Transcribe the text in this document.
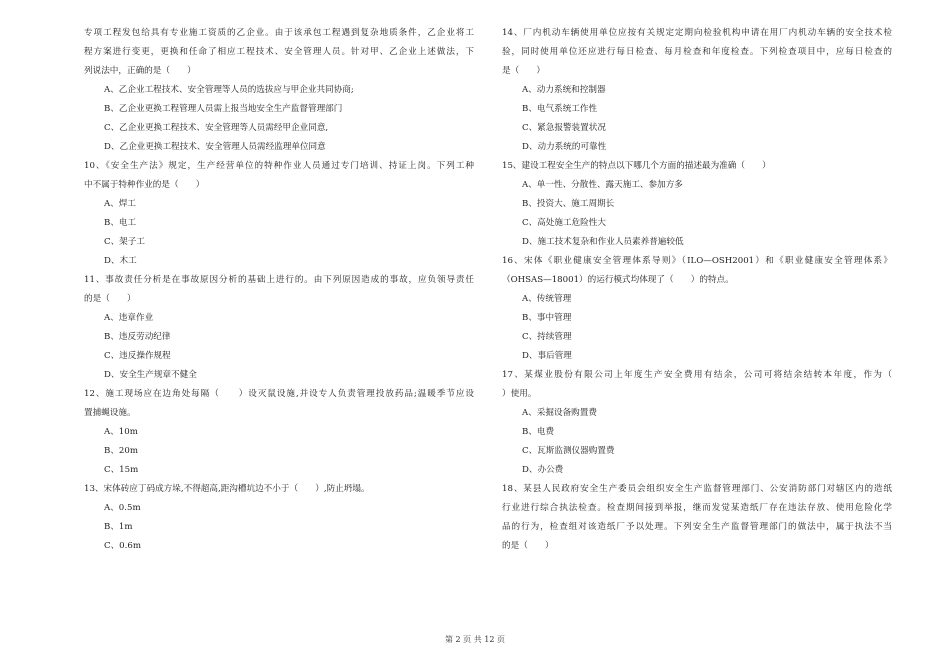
专项工程发包给具有专业施工资质的乙企业。由于该承包工程遇到复杂地质条件，乙企业将工
程方案进行变更，更换和任命了相应工程技术、安全管理人员。针对甲、乙企业上述做法，下
列说法中，正确的是（　　）
A、乙企业工程技术、安全管理等人员的选拔应与甲企业共同协商;
B、乙企业更换工程管理人员需上报当地安全生产监督管理部门
C、乙企业更换工程技术、安全管理等人员需经甲企业同意,
D、乙企业更换工程技术、安全管理人员需经监理单位同意
10、《安全生产法》规定，生产经营单位的特种作业人员通过专门培训、持证上岗。下列工种
中不属于特种作业的是（　　）
A、焊工
B、电工
C、架子工
D、木工
11、事故责任分析是在事故原因分析的基础上进行的。由下列原因造成的事故，应负领导责任
的是（　　）
A、违章作业
B、违反劳动纪律
C、违反操作规程
D、安全生产规章不健全
12、施工现场应在边角处每隔（　　）设灭鼠设施,并设专人负责管理投放药品;温暖季节应设
置捕蝇设施。
A、10m
B、20m
C、15m
13、宋体砖应丁码成方垛,不得超高,距沟槽坑边不小于（　　）,防止坍塌。
A、0.5m
B、1m
C、0.6m
14、厂内机动车辆使用单位应按有关规定定期向检验机构申请在用厂内机动车辆的安全技术检
验，同时使用单位还应进行每日检查、每月检查和年度检查。下列检查项目中，应每日检查的
是（　　）
A、动力系统和控制器
B、电气系统工作性
C、紧急报警装置状况
D、动力系统的可靠性
15、建设工程安全生产的特点以下哪几个方面的描述最为准确（　　）
A、单一性、分散性、露天施工、参加方多
B、投资大、施工周期长
C、高处施工危险性大
D、施工技术复杂和作业人员素养普遍较低
16、宋体《职业健康安全管理体系导则》（ILO—OSH2001）和《职业健康安全管理体系》
（OHSAS—18001）的运行模式均体现了（　　）的特点。
A、传统管理
B、事中管理
C、持续管理
D、事后管理
17、某煤业股份有限公司上年度生产安全费用有结余，公司可将结余结转本年度，作为（
）使用。
A、采掘设备购置费
B、电费
C、瓦斯监测仪器购置费
D、办公费
18、某县人民政府安全生产委员会组织安全生产监督管理部门、公安消防部门对辖区内的造纸
行业进行综合执法检查。检查期间接到举报，继而发觉某造纸厂存在违法存放、使用危险化学
品的行为，检查组对该造纸厂予以处理。下列安全生产监督管理部门的做法中，属于执法不当
的是（　　）
第 2 页 共 12 页
